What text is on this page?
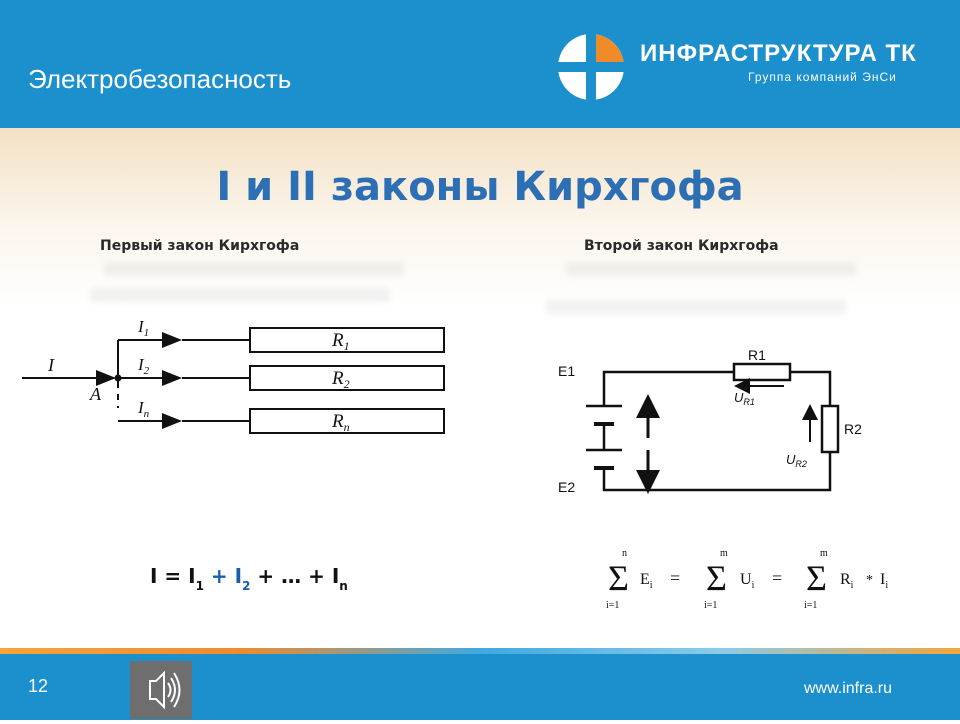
Электробезопасность
ИНФРАСТРУКТУРА ТК
Группа компаний ЭнСи
I и II законы Кирхгофа
Первый закон Кирхгофа	Второй закон Кирхгофа
I
A
$I_1$
$I_2$
$I_n$
$R_1$
$R_2$
$R_n$
E1
E2
R1
R2
$U_{R1}$
$U_{R2}$
$I = I_1 + I_2$ + … + $I_n$
n
Σ
i=1
$E_i$ =
m
Σ
i=1
$U_i$ =
m
Σ
i=1
$R_i * I_i$
12	www.infra.ru
